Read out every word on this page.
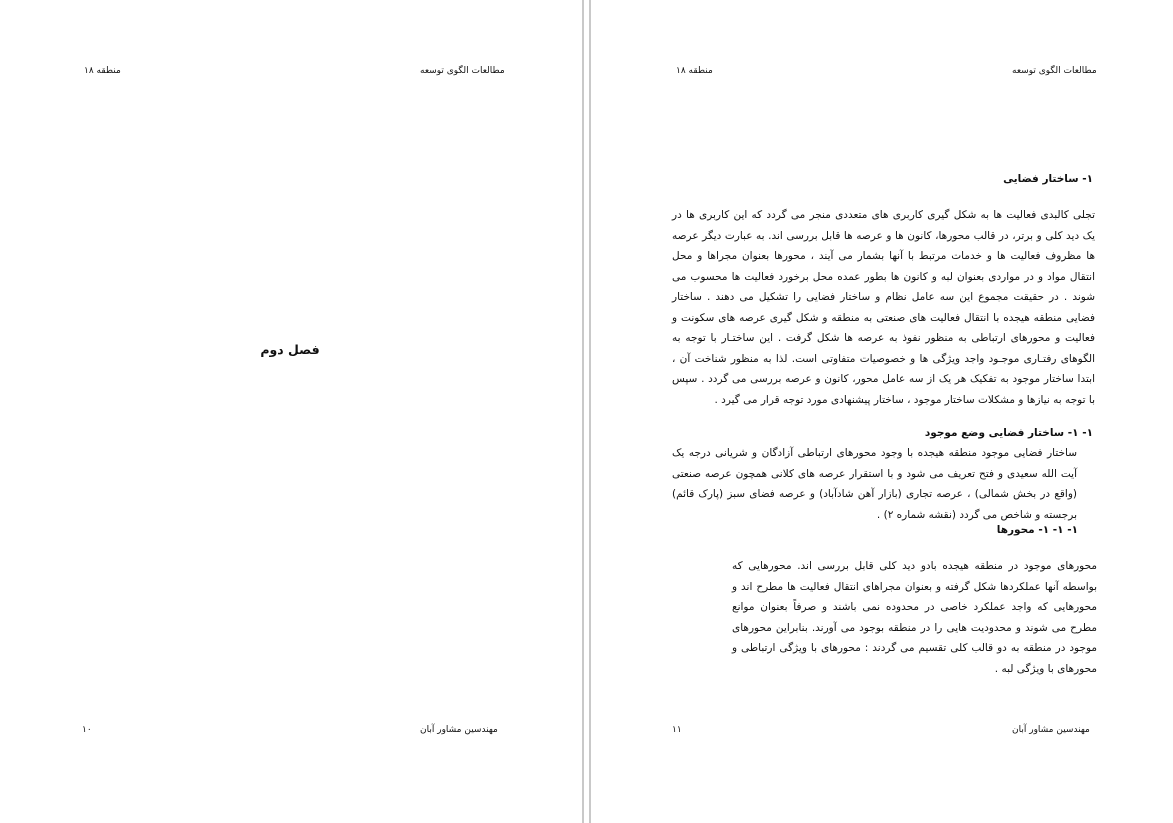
منطقه ۱۸	مطالعات الگوی توسعه
فصل دوم
۱۰	مهندسین مشاور آبان
منطقه ۱۸	مطالعات الگوی توسعه
۱- ساختار فضایی
تجلی کالبدی فعالیت ها به شکل گیری کاربری های متعددی منجر می گردد که این کاربری ها در یک دید کلی و برتر، در قالب محورها، کانون ها و عرصه ها قابل بررسی اند. به عبارت دیگر عرصه ها مظروف فعالیت ها و خدمات مرتبط با آنها بشمار می آیند ، محورها بعنوان مجراها و محل انتقال مواد و در مواردی بعنوان لبه و کانون ها بطور عمده محل برخورد فعالیت ها محسوب می شوند . در حقیقت مجموع این سه عامل نظام و ساختار فضایی را تشکیل می دهند . ساختار فضایی منطقه هیجده با انتقال فعالیت های صنعتی به منطقه و شکل گیری عرصه های سکونت و فعالیت و محورهای ارتباطی به منظور نفوذ به عرصه ها شکل گرفت . این ساختـار با توجه به الگوهای رفتـاری موجـود واجد ویژگی ها و خصوصیات متفاوتی است. لذا به منظور شناخت آن ، ابتدا ساختار موجود به تفکیک هر یک از سه عامل محور، کانون و عرصه بررسی می گردد . سپس با توجه به نیازها و مشکلات ساختار موجود ، ساختار پیشنهادی مورد توجه قرار می گیرد .
۱- ۱- ساختار فضایی وضع موجود
ساختار فضایی موجود منطقه هیجده با وجود محورهای ارتباطی آزادگان و شریانی درجه یک آیت الله سعیدی و فتح تعریف می شود و با استقرار عرصه های کلانی همچون عرصه صنعتی (واقع در بخش شمالی) ، عرصه تجاری (بازار آهن شادآباد) و عرصه فضای سبز (پارک قائم) برجسته و شاخص می گردد (نقشه شماره ۲) .
۱- ۱- ۱- محورها
محورهای موجود در منطقه هیجده بادو دید کلی قابل بررسی اند. محورهایی که بواسطه آنها عملکردها شکل گرفته و بعنوان مجراهای انتقال فعالیت ها مطرح اند و محورهایی که واجد عملکرد خاصی در محدوده نمی باشند و صرفاً بعنوان موانع مطرح می شوند و محدودیت هایی را در منطقه بوجود می آورند. بنابراین محورهای موجود در منطقه به دو قالب کلی تقسیم می گردند : محورهای با ویژگی ارتباطی و محورهای با ویژگی لبه .
۱۱	مهندسین مشاور آبان
